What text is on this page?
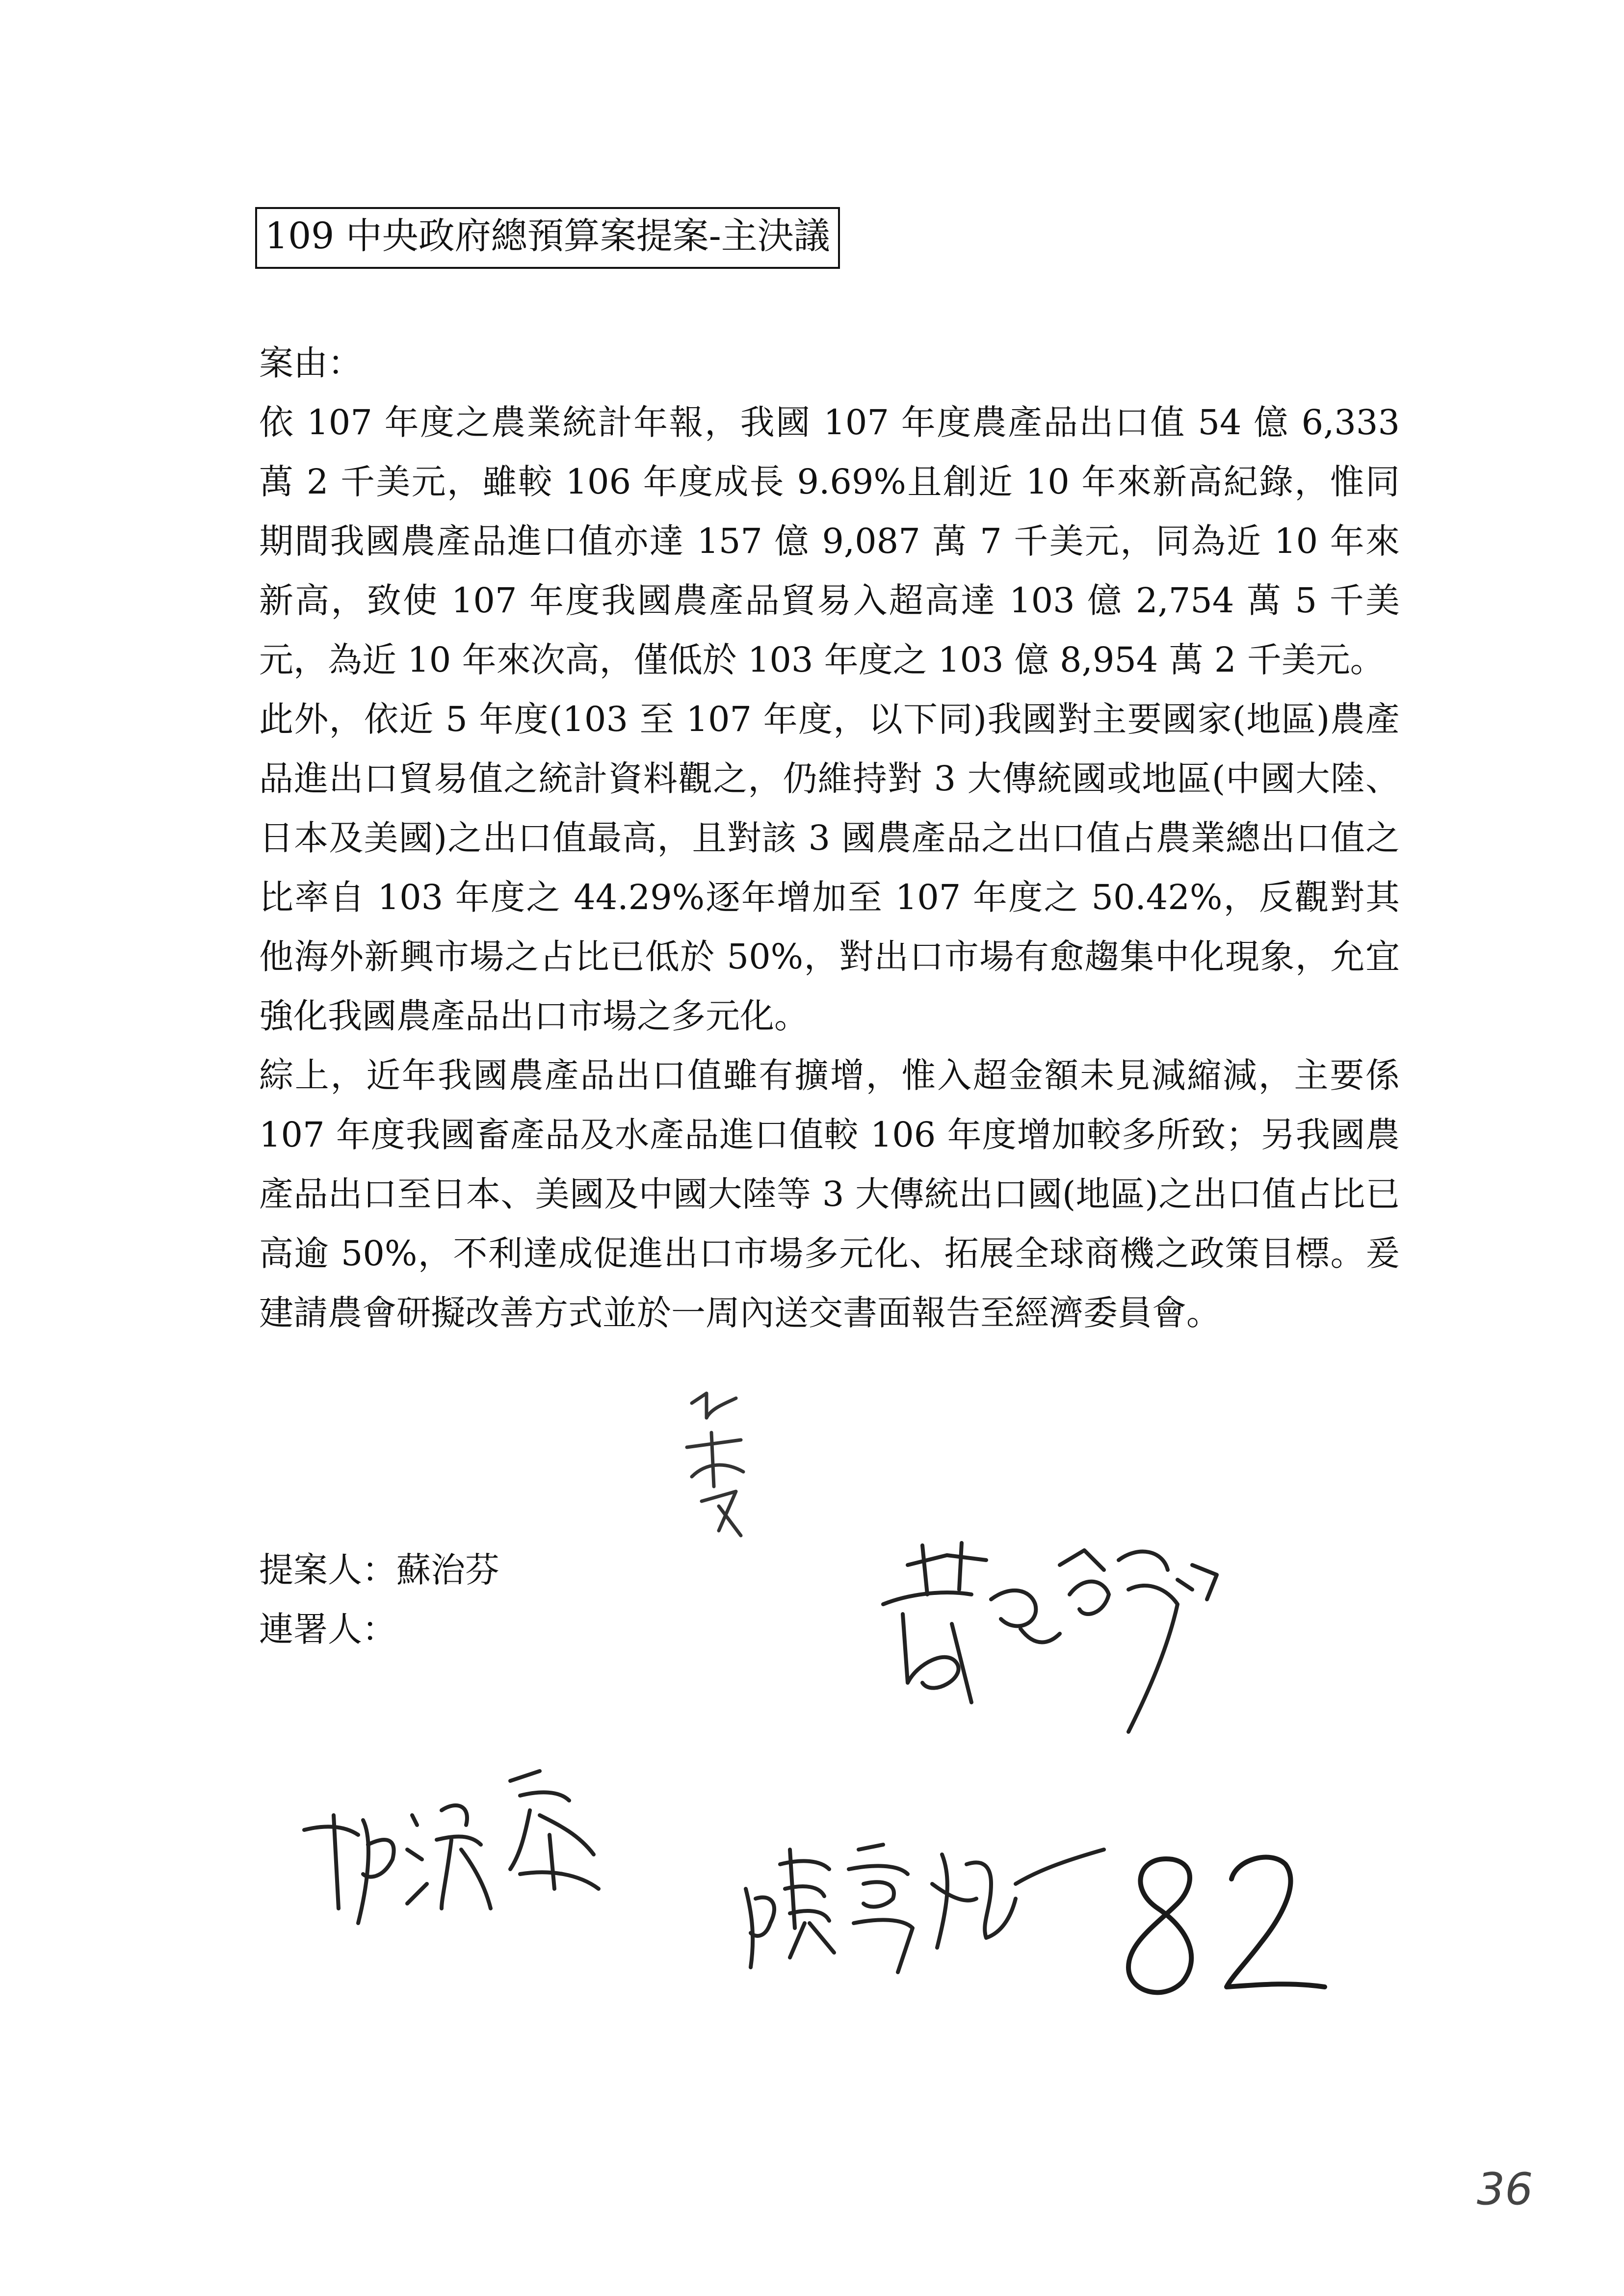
109 中央政府總預算案提案-主決議

案由：

依 107 年度之農業統計年報，我國 107 年度農產品出口值 54 億 6,333 萬 2 千美元，雖較 106 年度成長 9.69%且創近 10 年來新高紀錄，惟同期間我國農產品進口值亦達 157 億 9,087 萬 7 千美元，同為近 10 年來新高，致使 107 年度我國農產品貿易入超高達 103 億 2,754 萬 5 千美元，為近 10 年來次高，僅低於 103 年度之 103 億 8,954 萬 2 千美元。

此外，依近 5 年度(103 至 107 年度，以下同)我國對主要國家(地區)農產品進出口貿易值之統計資料觀之，仍維持對 3 大傳統國或地區(中國大陸、日本及美國)之出口值最高，且對該 3 國農產品之出口值占農業總出口值之比率自 103 年度之 44.29%逐年增加至 107 年度之 50.42%，反觀對其他海外新興市場之占比已低於 50%，對出口市場有愈趨集中化現象，允宜強化我國農產品出口市場之多元化。

綜上，近年我國農產品出口值雖有擴增，惟入超金額未見減縮減，主要係 107 年度我國畜產品及水產品進口值較 106 年度增加較多所致；另我國農產品出口至日本、美國及中國大陸等 3 大傳統出口國(地區)之出口值占比已高逾 50%，不利達成促進出口市場多元化、拓展全球商機之政策目標。爰建請農會研擬改善方式並於一周內送交書面報告至經濟委員會。

提案人：蘇治芬
連署人：
36
